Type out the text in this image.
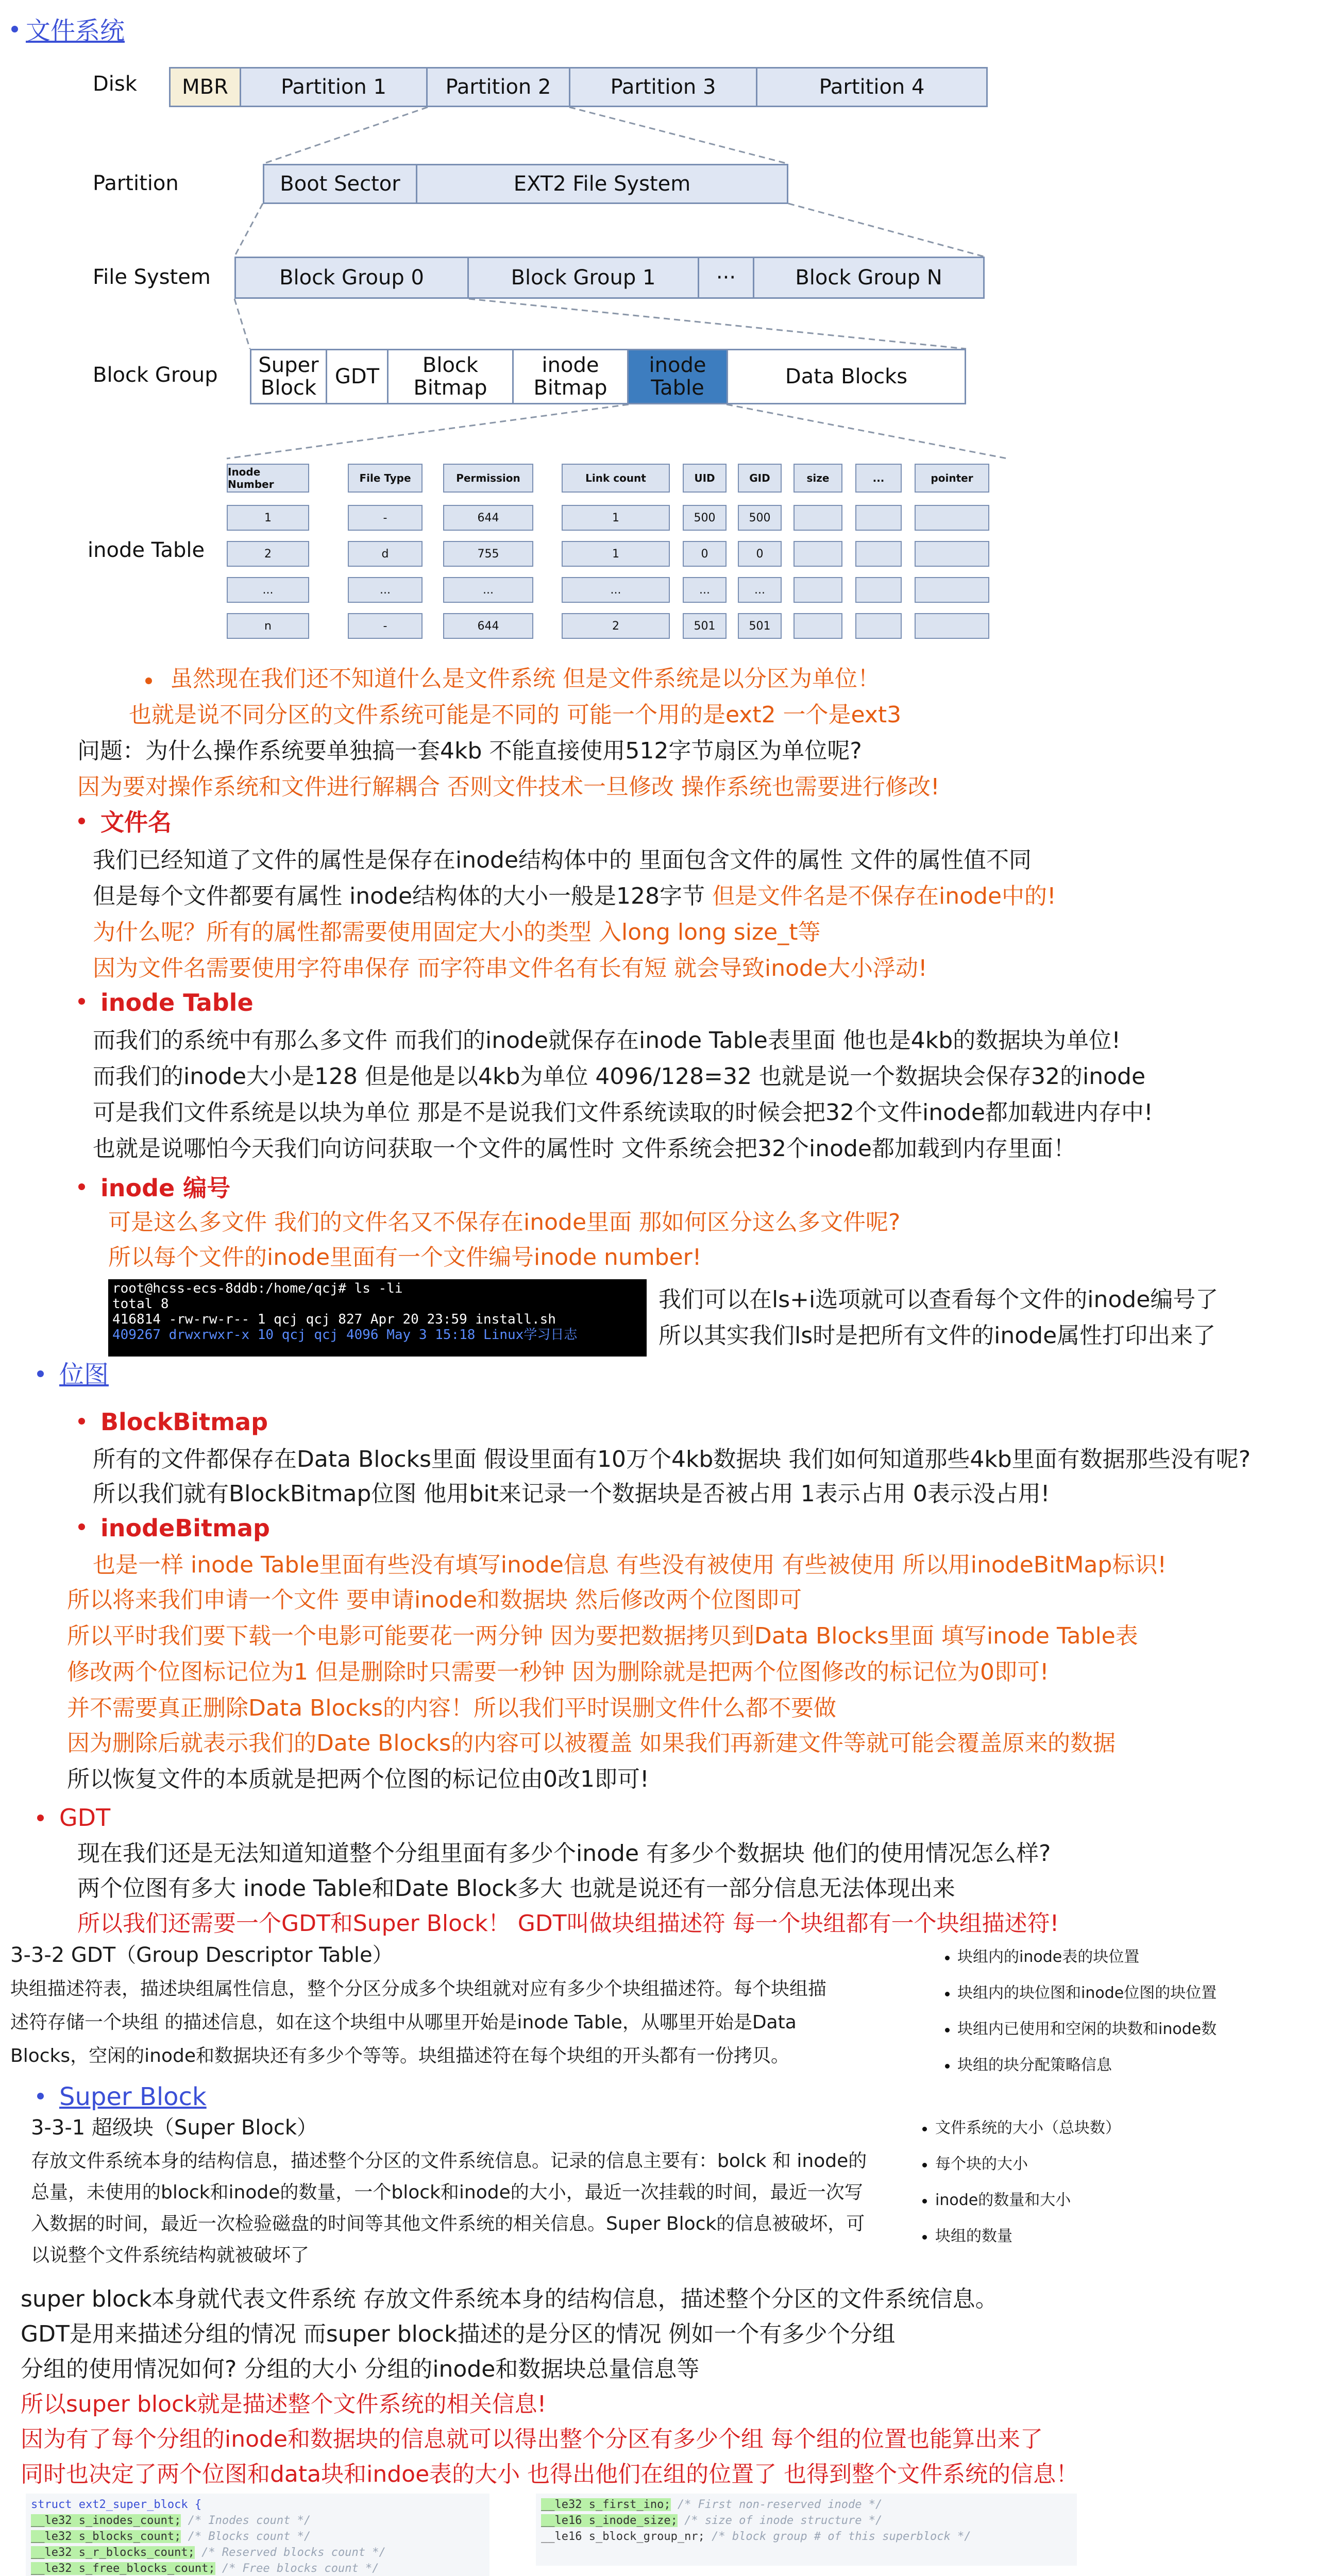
文件系统
Disk	MBR	Partition 1	Partition 2	Partition 3	Partition 4
Partition	Boot Sector	EXT2 File System
File System	Block Group 0	Block Group 1	···	Block Group N
Block Group	Super Block GDT	Block Bitmap
inode Bitmap
inode Table	Data Blocks
inode Table
Inode Number	File Type	Permission	Link count	UID	GID	size	...	pointer
1	-	644	1	500	500
2	d	755	1	0	0
...	...	...	...	...	...
n	-	644	2	501	501
虽然现在我们还不知道什么是文件系统 但是文件系统是以分区为单位！
也就是说不同分区的文件系统可能是不同的 可能一个用的是ext2 一个是ext3
问题：为什么操作系统要单独搞一套4kb 不能直接使用512字节扇区为单位呢?
因为要对操作系统和文件进行解耦合 否则文件技术一旦修改 操作系统也需要进行修改!
文件名
我们已经知道了文件的属性是保存在inode结构体中的 里面包含文件的属性 文件的属性值不同
但是每个文件都要有属性 inode结构体的大小一般是128字节 但是文件名是不保存在inode中的!
为什么呢？所有的属性都需要使用固定大小的类型 入long long size_t等
因为文件名需要使用字符串保存 而字符串文件名有长有短 就会导致inode大小浮动!
inode Table
而我们的系统中有那么多文件 而我们的inode就保存在inode Table表里面 他也是4kb的数据块为单位!
而我们的inode大小是128 但是他是以4kb为单位 4096/128=32 也就是说一个数据块会保存32的inode
可是我们文件系统是以块为单位 那是不是说我们文件系统读取的时候会把32个文件inode都加载进内存中!
也就是说哪怕今天我们向访问获取一个文件的属性时 文件系统会把32个inode都加载到内存里面！
inode 编号
可是这么多文件 我们的文件名又不保存在inode里面 那如何区分这么多文件呢?
所以每个文件的inode里面有一个文件编号inode number!
root@hcss-ecs-8ddb:/home/qcj# ls -li
total 8
416814 -rw-rw-r-- 1 qcj qcj 827 Apr 20 23:59 install.sh
409267 drwxrwxr-x 10 qcj qcj 4096 May 3 15:18 Linux学习日志
我们可以在ls+i选项就可以查看每个文件的inode编号了
所以其实我们ls时是把所有文件的inode属性打印出来了
位图
BlockBitmap
所有的文件都保存在Data Blocks里面 假设里面有10万个4kb数据块 我们如何知道那些4kb里面有数据那些没有呢?
所以我们就有BlockBitmap位图 他用bit来记录一个数据块是否被占用 1表示占用 0表示没占用!
inodeBitmap
也是一样 inode Table里面有些没有填写inode信息 有些没有被使用 有些被使用 所以用inodeBitMap标识!
所以将来我们申请一个文件 要申请inode和数据块 然后修改两个位图即可
所以平时我们要下载一个电影可能要花一两分钟 因为要把数据拷贝到Data Blocks里面 填写inode Table表
修改两个位图标记位为1 但是删除时只需要一秒钟 因为删除就是把两个位图修改的标记位为0即可!
并不需要真正删除Data Blocks的内容！所以我们平时误删文件什么都不要做
因为删除后就表示我们的Date Blocks的内容可以被覆盖 如果我们再新建文件等就可能会覆盖原来的数据
所以恢复文件的本质就是把两个位图的标记位由0改1即可!
GDT
现在我们还是无法知道知道整个分组里面有多少个inode 有多少个数据块 他们的使用情况怎么样?
两个位图有多大 inode Table和Date Block多大 也就是说还有一部分信息无法体现出来
所以我们还需要一个GDT和Super Block！ GDT叫做块组描述符 每一个块组都有一个块组描述符!
3-3-2 GDT（Group Descriptor Table）
块组描述符表，描述块组属性信息，整个分区分成多个块组就对应有多少个块组描述符。每个块组描
述符存储一个块组 的描述信息，如在这个块组中从哪里开始是inode Table，从哪里开始是Data
Blocks，空闲的inode和数据块还有多少个等等。块组描述符在每个块组的开头都有一份拷贝。
块组内的inode表的块位置
块组内的块位图和inode位图的块位置
块组内已使用和空闲的块数和inode数
块组的块分配策略信息
Super Block
3-3-1 超级块（Super Block）
存放文件系统本身的结构信息，描述整个分区的文件系统信息。记录的信息主要有：bolck 和 inode的
总量，未使用的block和inode的数量，一个block和inode的大小，最近一次挂载的时间，最近一次写
入数据的时间，最近一次检验磁盘的时间等其他文件系统的相关信息。Super Block的信息被破坏，可
以说整个文件系统结构就被破坏了
文件系统的大小（总块数）
每个块的大小
inode的数量和大小
块组的数量
super block本身就代表文件系统 存放文件系统本身的结构信息，描述整个分区的文件系统信息。
GDT是用来描述分组的情况 而super block描述的是分区的情况 例如一个有多少个分组
分组的使用情况如何? 分组的大小 分组的inode和数据块总量信息等
所以super block就是描述整个文件系统的相关信息!
因为有了每个分组的inode和数据块的信息就可以得出整个分区有多少个组 每个组的位置也能算出来了
同时也决定了两个位图和data块和indoe表的大小 也得出他们在组的位置了 也得到整个文件系统的信息！
struct ext2_super_block {
__le32 s_inodes_count; /* Inodes count */
__le32 s_blocks_count; /* Blocks count */
__le32 s_r_blocks_count; /* Reserved blocks count */
__le32 s_free_blocks_count; /* Free blocks count */
__le32 s_first_ino; /* First non-reserved inode */
__le16 s_inode_size; /* size of inode structure */
__le16 s_block_group_nr; /* block group # of this superblock */
